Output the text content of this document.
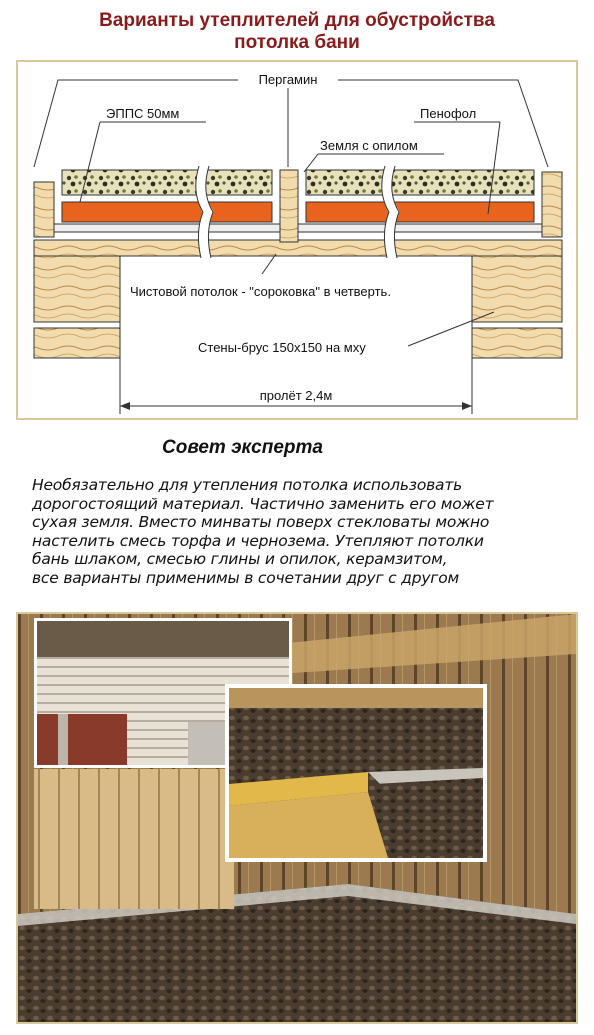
Варианты утеплителей для обустройства
потолка бани
Пергамин
ЭППС 50мм	Пенофол
Земля с опилом
Чистовой потолок - "сороковка" в четверть.
Стены-брус 150х150 на мху
пролёт 2,4м
Совет эксперта
Необязательно для утепления потолка использовать
дорогостоящий материал. Частично заменить его может
сухая земля. Вместо минваты поверх стекловаты можно
настелить смесь торфа и чернозема. Утепляют потолки
бань шлаком, смесью глины и опилок, керамзитом,
все варианты применимы в сочетании друг с другом
